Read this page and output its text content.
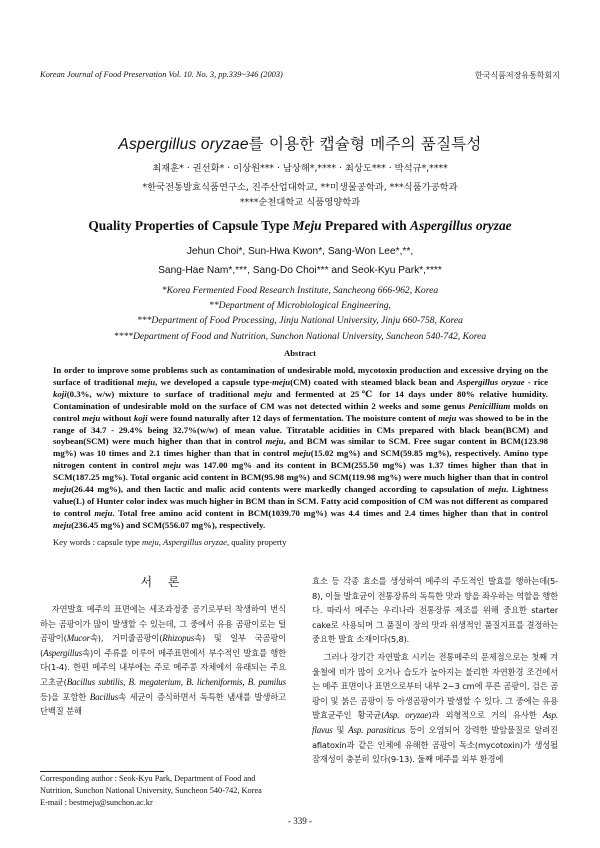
Korean Journal of Food Preservation Vol. 10. No. 3, pp.339~346 (2003)	한국식품저장유통학회지
Aspergillus oryzae를 이용한 캡슐형 메주의 품질특성
최재훈* · 권선화* · 이상원*** · 남상해*,**** · 최상도*** · 박석규*,****
*한국전통발효식품연구소, 진주산업대학교, **미생물공학과, ***식품가공학과
****순천대학교 식품영양학과
Quality Properties of Capsule Type Meju Prepared with Aspergillus oryzae
Jehun Choi*, Sun-Hwa Kwon*, Sang-Won Lee*,**,
Sang-Hae Nam*,***, Sang-Do Choi*** and Seok-Kyu Park*,****
*Korea Fermented Food Research Institute, Sancheong 666-962, Korea
**Department of Microbiological Engineering,
***Department of Food Processing, Jinju National University, Jinju 660-758, Korea
****Department of Food and Nutrition, Sunchon National University, Suncheon 540-742, Korea
Abstract
In order to improve some problems such as contamination of undesirable mold, mycotoxin production and excessive drying on the surface of traditional meju, we developed a capsule type-meju(CM) coated with steamed black bean and Aspergillus oryzae - rice koji(0.3%, w/w) mixture to surface of traditional meju and fermented at 25℃ for 14 days under 80% relative humidity. Contamination of undesirable mold on the surface of CM was not detected within 2 weeks and some genus Penicillium molds on control meju without koji were found naturally after 12 days of fermentation. The moisture content of meju was showed to be in the range of 34.7 - 29.4% being 32.7%(w/w) of mean value. Titratable acidities in CMs prepared with black bean(BCM) and soybean(SCM) were much higher than that in control meju, and BCM was similar to SCM. Free sugar content in BCM(123.98 mg%) was 10 times and 2.1 times higher than that in control meju(15.02 mg%) and SCM(59.85 mg%), respectively. Amino type nitrogen content in control meju was 147.00 mg% and its content in BCM(255.50 mg%) was 1.37 times higher than that in SCM(187.25 mg%). Total organic acid content in BCM(95.98 mg%) and SCM(119.98 mg%) were much higher than that in control meju(26.44 mg%), and then lactic and malic acid contents were markedly changed according to capsulation of meju. Lightness value(L) of Hunter color index was much higher in BCM than in SCM. Fatty acid composition of CM was not different as compared to control meju. Total free amino acid content in BCM(1039.70 mg%) was 4.4 times and 2.4 times higher than that in control meju(236.45 mg%) and SCM(556.07 mg%), respectively.
Key words : capsule type meju, Aspergillus oryzae, quality property
서 론

자연발효 메주의 표면에는 세조과정중 공기로부터 착생하여 번식하는 곰팡이가 많이 발생할 수 있는데, 그 중에서 유용 곰팡이로는 털곰팡이(Mucor속), 거미줄곰팡이(Rhizopus속) 및 일부 국곰팡이(Aspergillus속)이 주류를 이루어 메주표면에서 부수적인 발효를 행한다(1-4). 한편 메주의 내부에는 주로 메주콩 자체에서 유래되는 주요 고초균(Bacillus subtilis, B. megaterium, B. licheniformis, B. pumilus 등)을 포함한 Bacillus속 세균이 증식하면서 독특한 냄새를 발생하고 단백질 분해

효소 등 각종 효소를 생성하여 메주의 주도적인 발효를 행하는데(5-8), 이들 발효균이 전통장류의 독특한 맛과 향을 좌우하는 역할을 행한다. 따라서 메주는 우리나라 전통장류 제조를 위해 중요한 starter cake로 사용되며 그 품질이 장의 맛과 위생적인 품질지표를 결정하는 중요한 발효 소재이다(5,8).

그러나 장기간 자연발효 시키는 전통메주의 문제점으로는 첫째 겨울철에 비가 많이 오거나 습도가 높아지는 불리한 자연환경 조건에서는 메주 표면이나 표면으로부터 내부 2∼3 cm에 푸른 곰팡이, 검은 곰팡이 및 붉은 곰팡이 등 아생곰팡이가 발생할 수 있다. 그 중에는 유용 발효균주인 황국균(Asp. oryzae)과 외형적으로 거의 유사한 Asp. flavus 및 Asp. parasiticus 등이 오염되어 강력한 발암물질로 알려진 aflatoxin과 같은 인체에 유해한 곰팡이 독소(mycotoxin)가 생성될 잠재성이 충분히 있다(9-13). 둘째 메주를 외부 환경에

Corresponding author : Seok-Kyu Park, Department of Food and
Nutrition, Sunchon National University, Suncheon 540-742, Korea
E-mail : bestmeju@sunchon.ac.kr
- 339 -
